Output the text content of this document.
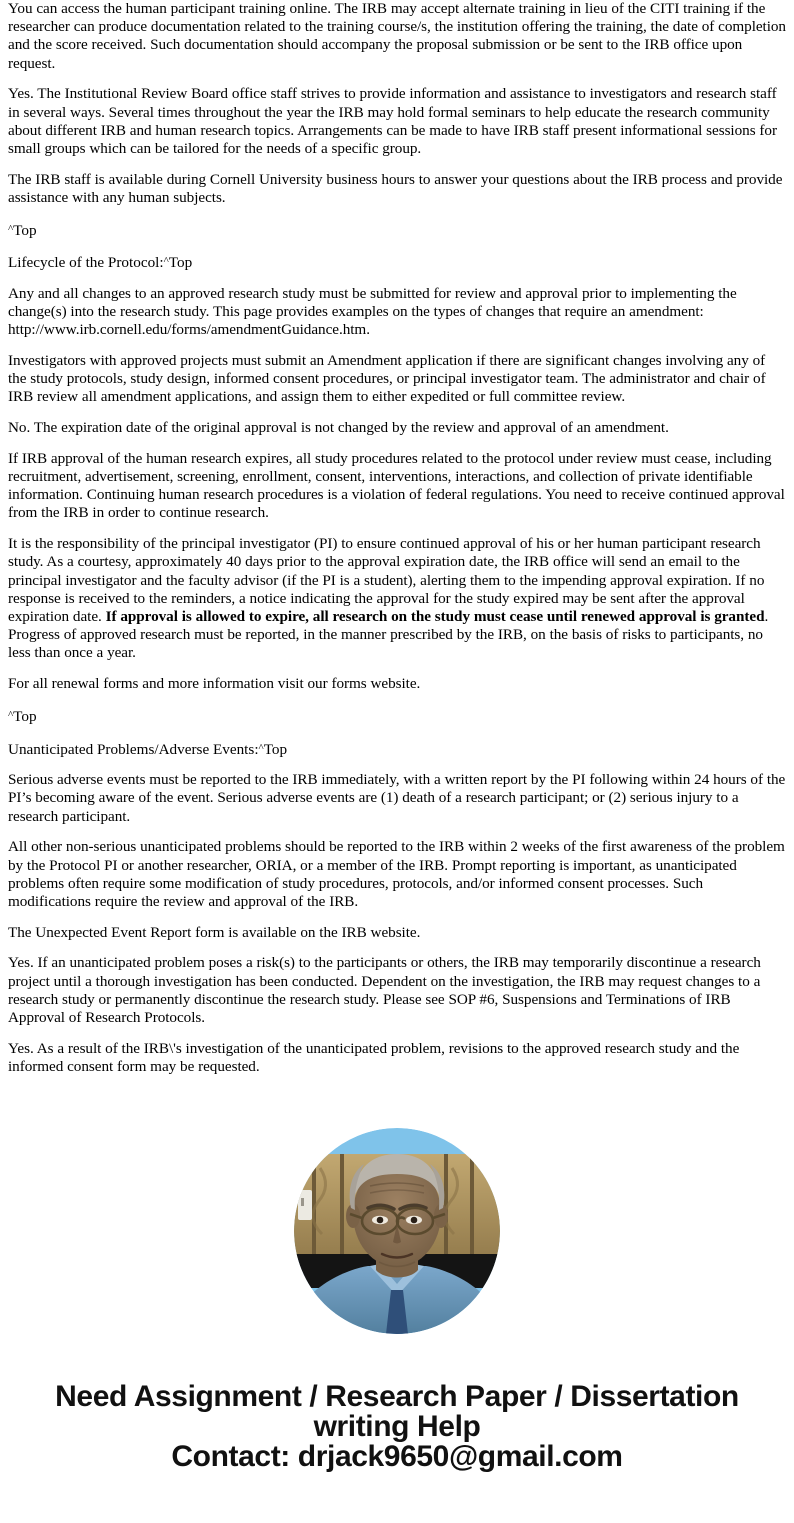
You can access the human participant training online. The IRB may accept alternate training in lieu of the CITI training if the researcher can produce documentation related to the training course/s, the institution offering the training, the date of completion and the score received. Such documentation should accompany the proposal submission or be sent to the IRB office upon request.

Yes. The Institutional Review Board office staff strives to provide information and assistance to investigators and research staff in several ways. Several times throughout the year the IRB may hold formal seminars to help educate the research community about different IRB and human research topics. Arrangements can be made to have IRB staff present informational sessions for small groups which can be tailored for the needs of a specific group.

The IRB staff is available during Cornell University business hours to answer your questions about the IRB process and provide assistance with any human subjects.

^Top

Lifecycle of the Protocol:^Top

Any and all changes to an approved research study must be submitted for review and approval prior to implementing the change(s) into the research study. This page provides examples on the types of changes that require an amendment: http://www.irb.cornell.edu/forms/amendmentGuidance.htm.

Investigators with approved projects must submit an Amendment application if there are significant changes involving any of the study protocols, study design, informed consent procedures, or principal investigator team. The administrator and chair of IRB review all amendment applications, and assign them to either expedited or full committee review.

No. The expiration date of the original approval is not changed by the review and approval of an amendment.

If IRB approval of the human research expires, all study procedures related to the protocol under review must cease, including recruitment, advertisement, screening, enrollment, consent, interventions, interactions, and collection of private identifiable information. Continuing human research procedures is a violation of federal regulations. You need to receive continued approval from the IRB in order to continue research.

It is the responsibility of the principal investigator (PI) to ensure continued approval of his or her human participant research study. As a courtesy, approximately 40 days prior to the approval expiration date, the IRB office will send an email to the principal investigator and the faculty advisor (if the PI is a student), alerting them to the impending approval expiration. If no response is received to the reminders, a notice indicating the approval for the study expired may be sent after the approval expiration date. If approval is allowed to expire, all research on the study must cease until renewed approval is granted. Progress of approved research must be reported, in the manner prescribed by the IRB, on the basis of risks to participants, no less than once a year.

For all renewal forms and more information visit our forms website.

^Top

Unanticipated Problems/Adverse Events:^Top

Serious adverse events must be reported to the IRB immediately, with a written report by the PI following within 24 hours of the PI’s becoming aware of the event. Serious adverse events are (1) death of a research participant; or (2) serious injury to a research participant.

All other non-serious unanticipated problems should be reported to the IRB within 2 weeks of the first awareness of the problem by the Protocol PI or another researcher, ORIA, or a member of the IRB. Prompt reporting is important, as unanticipated problems often require some modification of study procedures, protocols, and/or informed consent processes. Such modifications require the review and approval of the IRB.

The Unexpected Event Report form is available on the IRB website.

Yes. If an unanticipated problem poses a risk(s) to the participants or others, the IRB may temporarily discontinue a research project until a thorough investigation has been conducted. Dependent on the investigation, the IRB may request changes to a research study or permanently discontinue the research study. Please see SOP #6, Suspensions and Terminations of IRB Approval of Research Protocols.

Yes. As a result of the IRB\'s investigation of the unanticipated problem, revisions to the approved research study and the informed consent form may be requested.

Need Assignment / Research Paper / Dissertation writing Help
Contact: drjack9650@gmail.com
